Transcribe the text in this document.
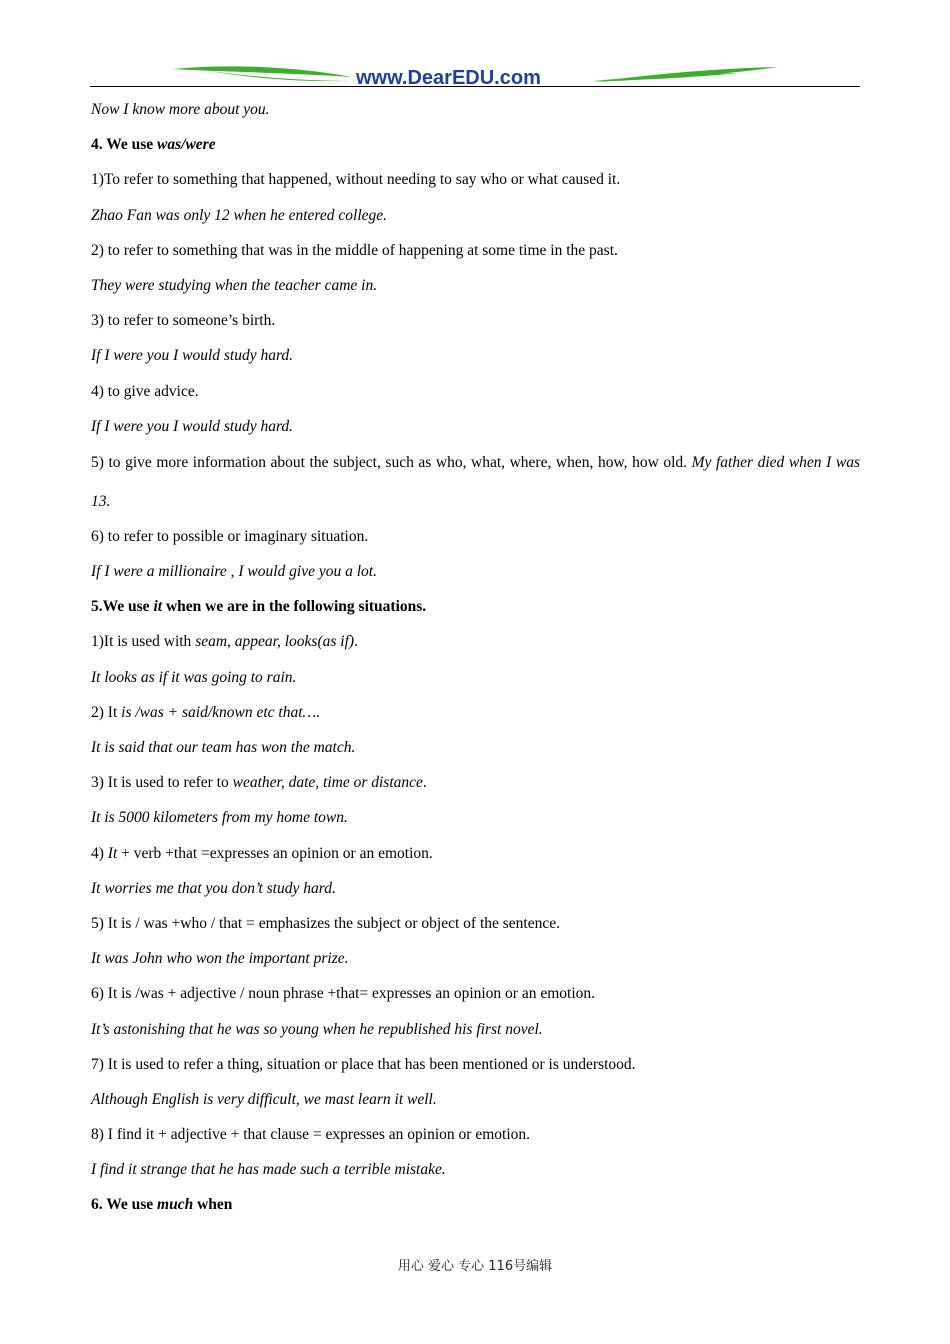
www.DearEDU.com
Now I know more about you.
4. We use was/were
1)To refer to something that happened, without needing to say who or what caused it.
Zhao Fan was only 12 when he entered college.
2) to refer to something that was in the middle of happening at some time in the past.
They were studying when the teacher came in.
3) to refer to someone’s birth.
If I were you I would study hard.
4) to give advice.
If I were you I would study hard.
5) to give more information about the subject, such as who, what, where, when, how, how old. My father died when I was 13.
6) to refer to possible or imaginary situation.
If I were a millionaire , I would give you a lot.
5.We use it when we are in the following situations.
1)It is used with seam, appear, looks(as if).
It looks as if it was going to rain.
2) It is /was + said/known etc that….
It is said that our team has won the match.
3) It is used to refer to weather, date, time or distance.
It is 5000 kilometers from my home town.
4) It + verb +that =expresses an opinion or an emotion.
It worries me that you don’t study hard.
5) It is / was +who / that = emphasizes the subject or object of the sentence.
It was John who won the important prize.
6) It is /was + adjective / noun phrase +that= expresses an opinion or an emotion.
It’s astonishing that he was so young when he republished his first novel.
7) It is used to refer a thing, situation or place that has been mentioned or is understood.
Although English is very difficult, we mast learn it well.
8) I find it + adjective + that clause = expresses an opinion or emotion.
I find it strange that he has made such a terrible mistake.
6. We use much when
用心 爱心 专心 116号编辑
